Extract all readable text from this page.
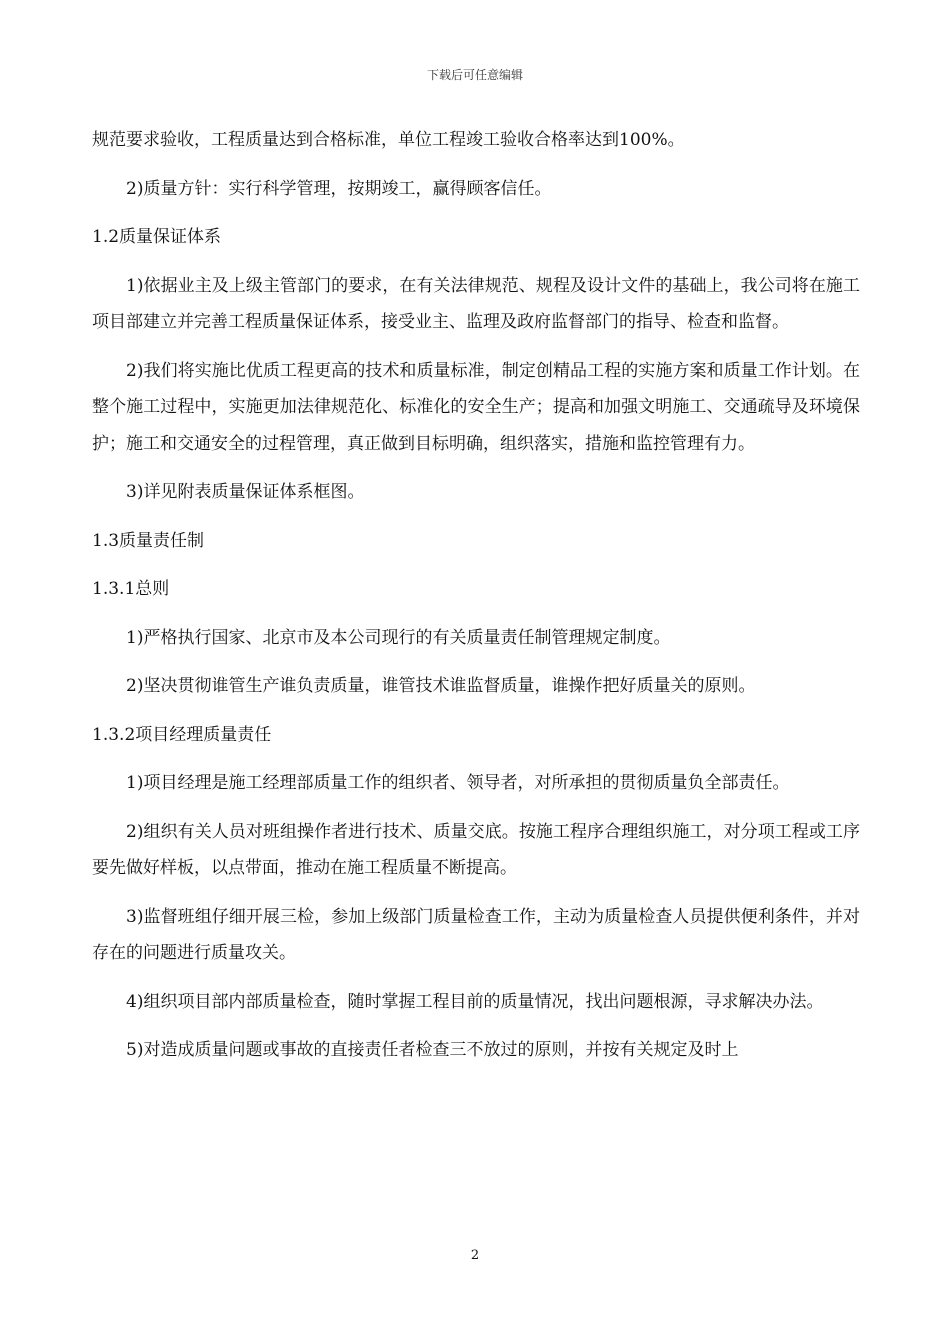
下载后可任意编辑

规范要求验收，工程质量达到合格标准，单位工程竣工验收合格率达到100%。

2)质量方针：实行科学管理，按期竣工，赢得顾客信任。

1.2质量保证体系

1)依据业主及上级主管部门的要求，在有关法律规范、规程及设计文件的基础上，我公司将在施工项目部建立并完善工程质量保证体系，接受业主、监理及政府监督部门的指导、检查和监督。

2)我们将实施比优质工程更高的技术和质量标准，制定创精品工程的实施方案和质量工作计划。在整个施工过程中，实施更加法律规范化、标准化的安全生产；提高和加强文明施工、交通疏导及环境保护；施工和交通安全的过程管理，真正做到目标明确，组织落实，措施和监控管理有力。

3)详见附表质量保证体系框图。

1.3质量责任制

1.3.1总则

1)严格执行国家、北京市及本公司现行的有关质量责任制管理规定制度。

2)坚决贯彻谁管生产谁负责质量，谁管技术谁监督质量，谁操作把好质量关的原则。

1.3.2项目经理质量责任

1)项目经理是施工经理部质量工作的组织者、领导者，对所承担的贯彻质量负全部责任。

2)组织有关人员对班组操作者进行技术、质量交底。按施工程序合理组织施工，对分项工程或工序要先做好样板，以点带面，推动在施工程质量不断提高。

3)监督班组仔细开展三检，参加上级部门质量检查工作，主动为质量检查人员提供便利条件，并对存在的问题进行质量攻关。

4)组织项目部内部质量检查，随时掌握工程目前的质量情况，找出问题根源，寻求解决办法。

5)对造成质量问题或事故的直接责任者检查三不放过的原则，并按有关规定及时上

2
